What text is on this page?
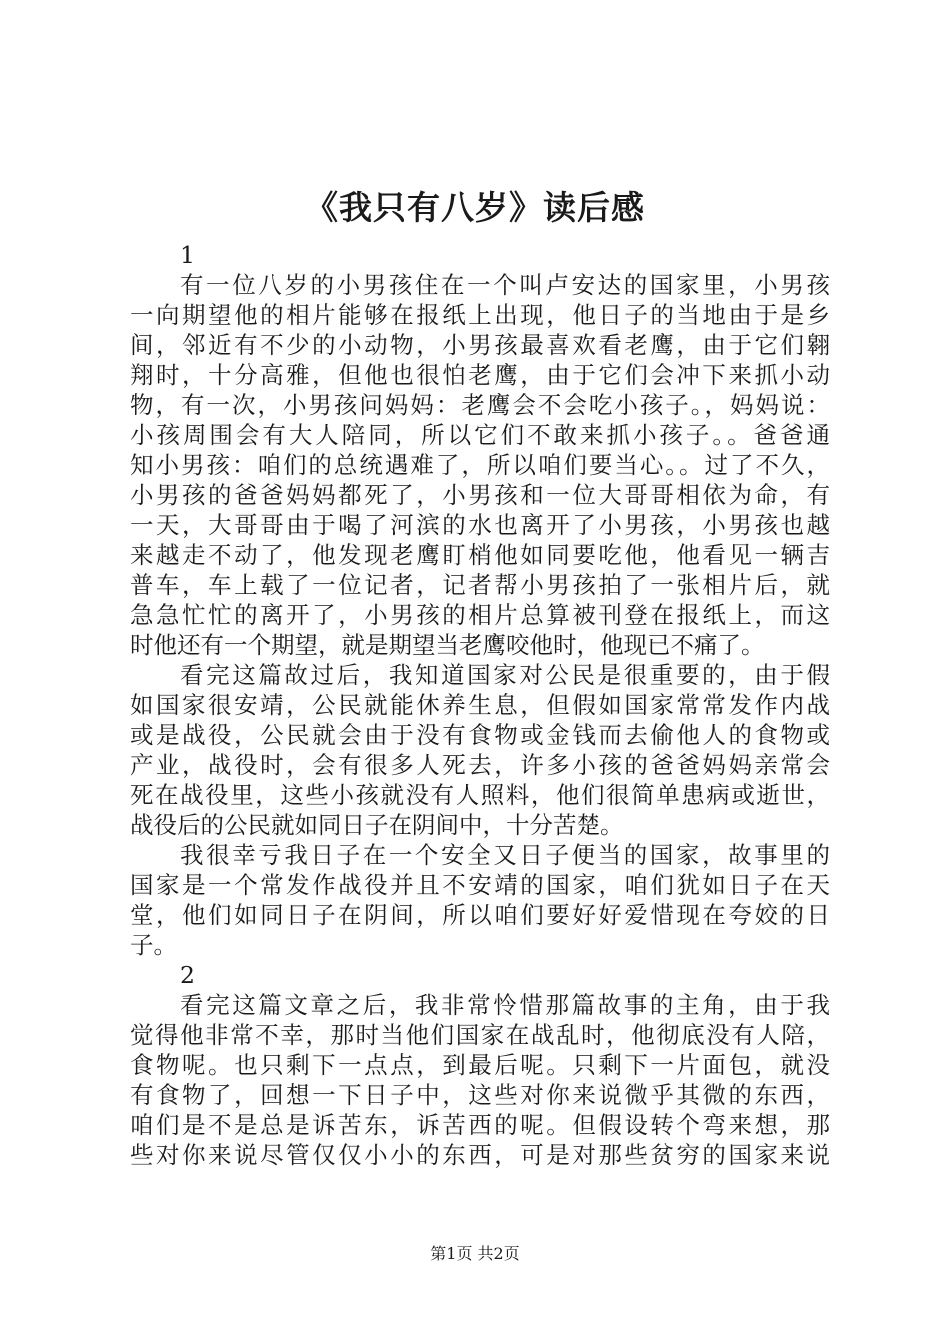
《我只有八岁》读后感
1
有一位八岁的小男孩住在一个叫卢安达的国家里，小男孩
一向期望他的相片能够在报纸上出现，他日子的当地由于是乡
间，邻近有不少的小动物，小男孩最喜欢看老鹰，由于它们翱
翔时，十分高雅，但他也很怕老鹰，由于它们会冲下来抓小动
物，有一次，小男孩问妈妈：老鹰会不会吃小孩子。，妈妈说：
小孩周围会有大人陪同，所以它们不敢来抓小孩子。。爸爸通
知小男孩：咱们的总统遇难了，所以咱们要当心。。过了不久，
小男孩的爸爸妈妈都死了，小男孩和一位大哥哥相依为命，有
一天，大哥哥由于喝了河滨的水也离开了小男孩，小男孩也越
来越走不动了，他发现老鹰盯梢他如同要吃他，他看见一辆吉
普车，车上载了一位记者，记者帮小男孩拍了一张相片后，就
急急忙忙的离开了，小男孩的相片总算被刊登在报纸上，而这
时他还有一个期望，就是期望当老鹰咬他时，他现已不痛了。
看完这篇故过后，我知道国家对公民是很重要的，由于假
如国家很安靖，公民就能休养生息，但假如国家常常发作内战
或是战役，公民就会由于没有食物或金钱而去偷他人的食物或
产业，战役时，会有很多人死去，许多小孩的爸爸妈妈亲常会
死在战役里，这些小孩就没有人照料，他们很简单患病或逝世，
战役后的公民就如同日子在阴间中，十分苦楚。
我很幸亏我日子在一个安全又日子便当的国家，故事里的
国家是一个常发作战役并且不安靖的国家，咱们犹如日子在天
堂，他们如同日子在阴间，所以咱们要好好爱惜现在夸姣的日
子。
2
看完这篇文章之后，我非常怜惜那篇故事的主角，由于我
觉得他非常不幸，那时当他们国家在战乱时，他彻底没有人陪，
食物呢。也只剩下一点点，到最后呢。只剩下一片面包，就没
有食物了，回想一下日子中，这些对你来说微乎其微的东西，
咱们是不是总是诉苦东，诉苦西的呢。但假设转个弯来想，那
些对你来说尽管仅仅小小的东西，可是对那些贫穷的国家来说
第1页 共2页
